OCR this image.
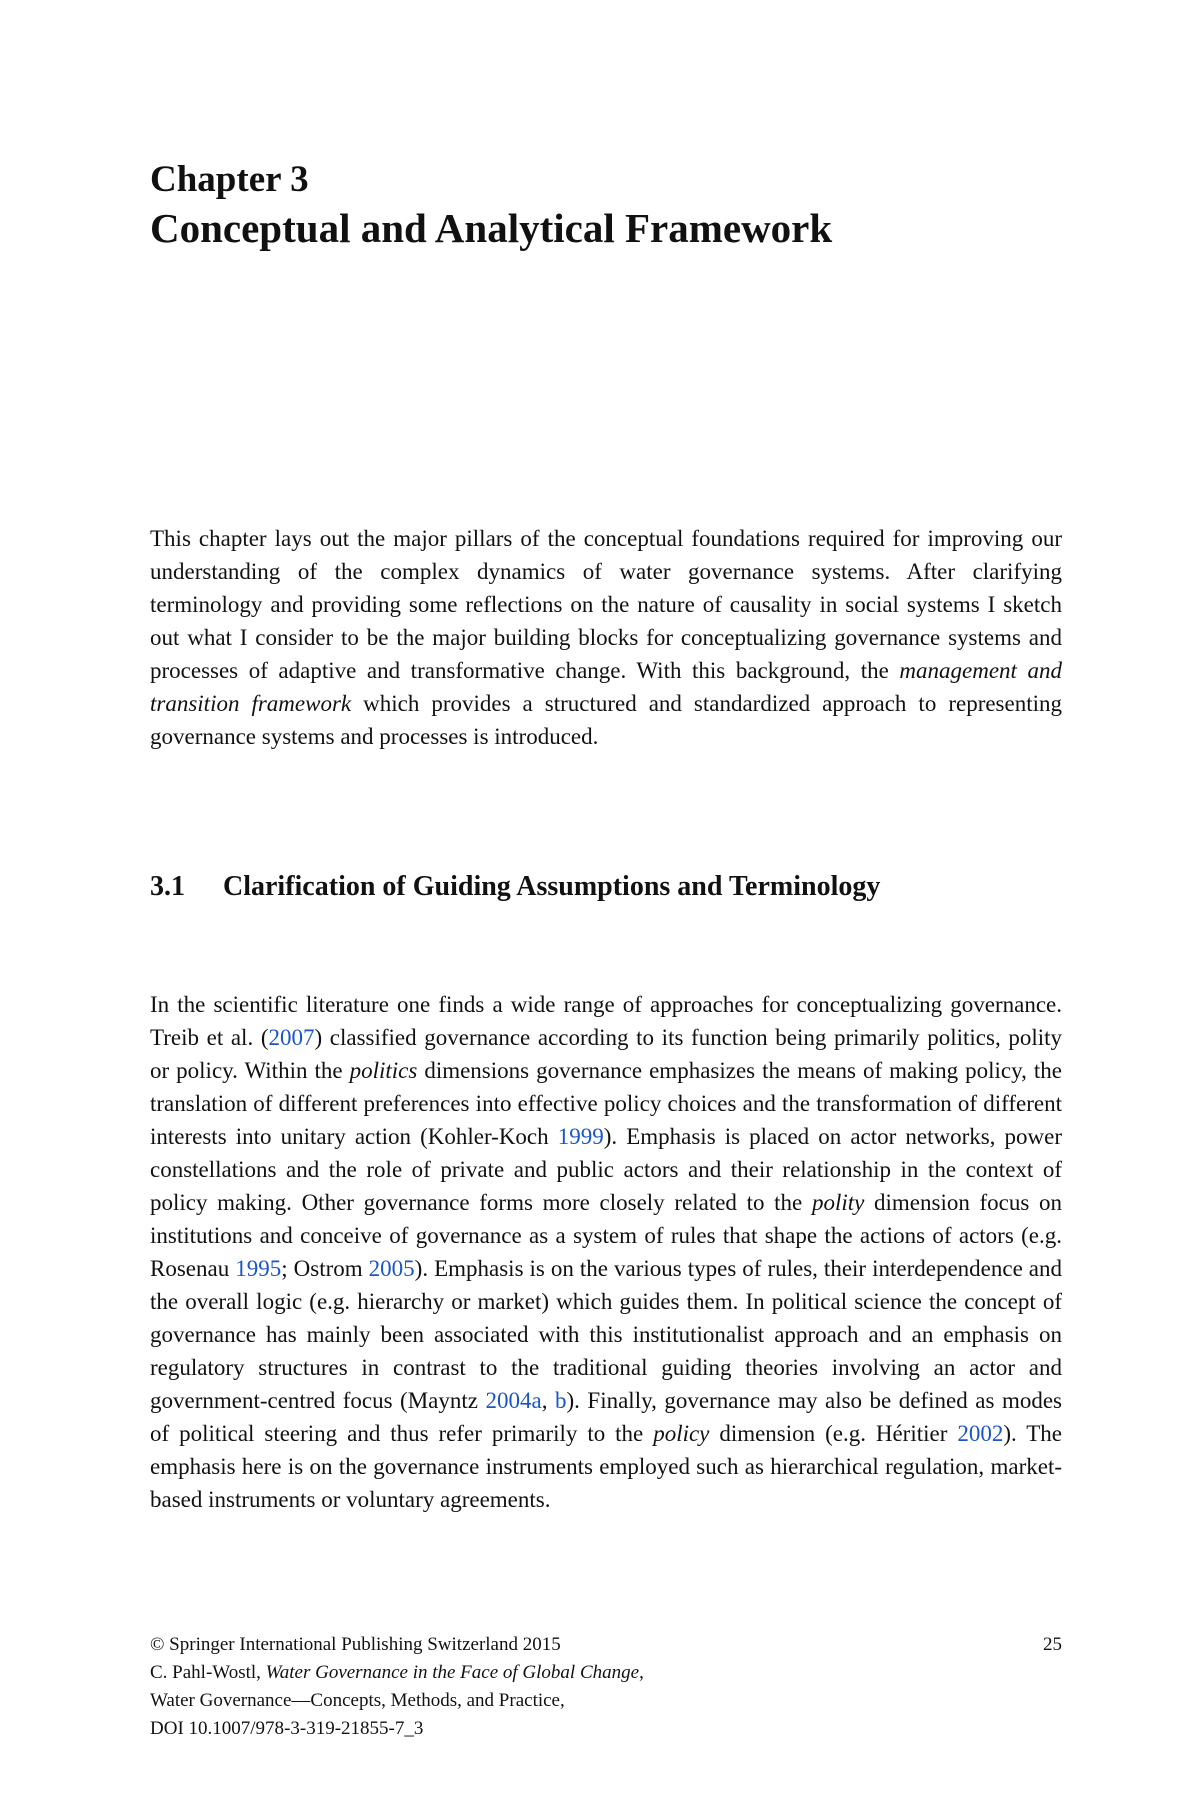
Chapter 3
Conceptual and Analytical Framework

This chapter lays out the major pillars of the conceptual foundations required for improving our understanding of the complex dynamics of water governance systems. After clarifying terminology and providing some reflections on the nature of causality in social systems I sketch out what I consider to be the major building blocks for conceptualizing governance systems and processes of adaptive and transformative change. With this background, the management and transition framework which provides a structured and standardized approach to representing governance systems and processes is introduced.

3.1 Clarification of Guiding Assumptions and Terminology

In the scientific literature one finds a wide range of approaches for conceptualizing governance. Treib et al. (2007) classified governance according to its function being primarily politics, polity or policy. Within the politics dimensions governance emphasizes the means of making policy, the translation of different preferences into effective policy choices and the transformation of different interests into unitary action (Kohler-Koch 1999). Emphasis is placed on actor networks, power constellations and the role of private and public actors and their relationship in the context of policy making. Other governance forms more closely related to the polity dimension focus on institutions and conceive of governance as a system of rules that shape the actions of actors (e.g. Rosenau 1995; Ostrom 2005). Emphasis is on the various types of rules, their interdependence and the overall logic (e.g. hierarchy or market) which guides them. In political science the concept of governance has mainly been associated with this institutionalist approach and an emphasis on regulatory structures in contrast to the traditional guiding theories involving an actor and government-centred focus (Mayntz 2004a, b). Finally, governance may also be defined as modes of political steering and thus refer primarily to the policy dimension (e.g. Héritier 2002). The emphasis here is on the governance instruments employed such as hierarchical regulation, market-based instruments or voluntary agreements.

25
© Springer International Publishing Switzerland 2015
C. Pahl-Wostl, Water Governance in the Face of Global Change,
Water Governance—Concepts, Methods, and Practice,
DOI 10.1007/978-3-319-21855-7_3
